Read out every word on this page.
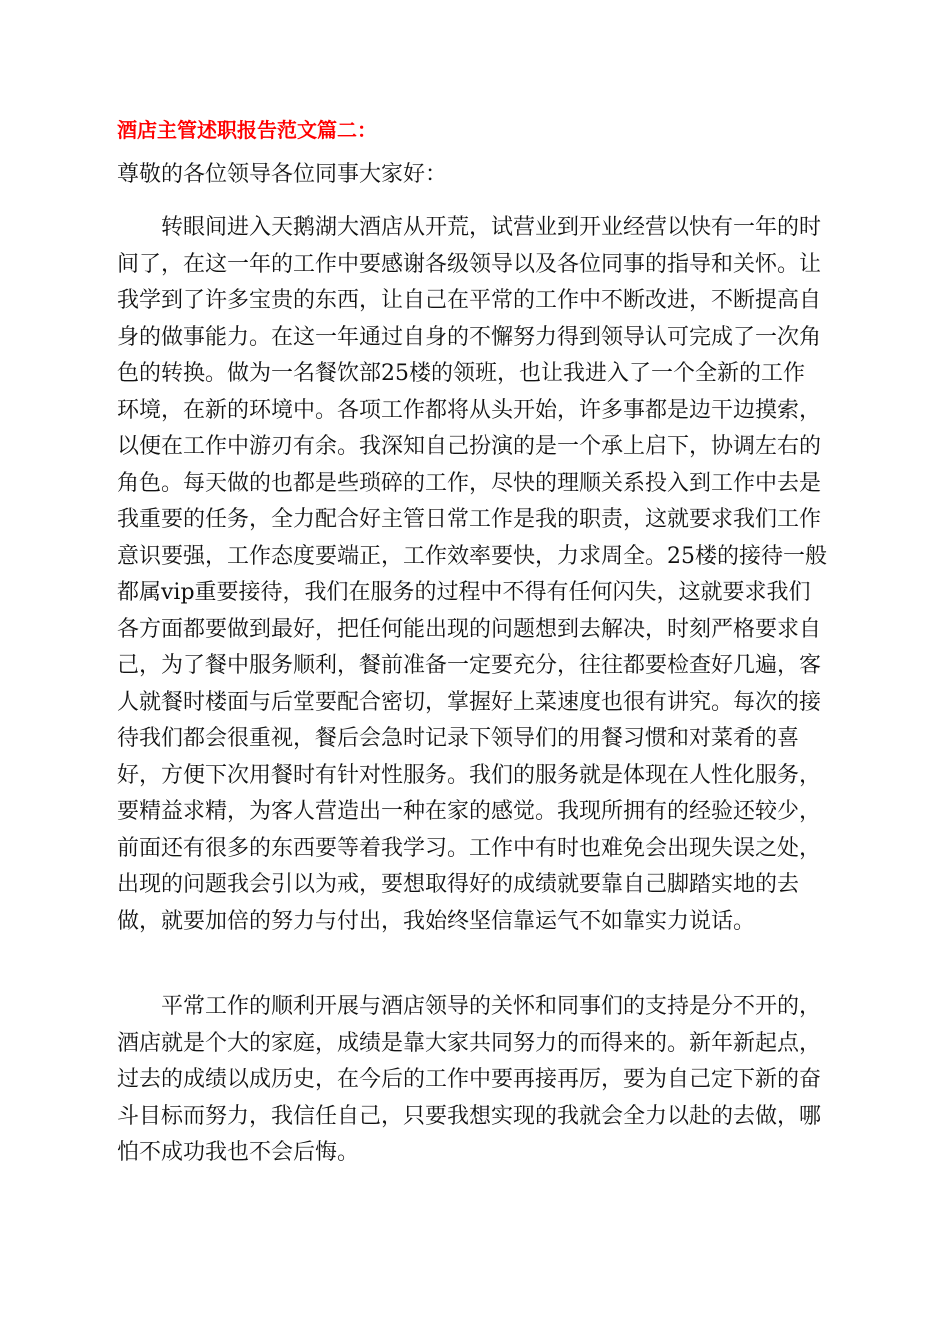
酒店主管述职报告范文篇二：
尊敬的各位领导各位同事大家好：
　　转眼间进入天鹅湖大酒店从开荒，试营业到开业经营以快有一年的时
间了，在这一年的工作中要感谢各级领导以及各位同事的指导和关怀。让
我学到了许多宝贵的东西，让自己在平常的工作中不断改进，不断提高自
身的做事能力。在这一年通过自身的不懈努力得到领导认可完成了一次角
色的转换。做为一名餐饮部25楼的领班，也让我进入了一个全新的工作
环境，在新的环境中。各项工作都将从头开始，许多事都是边干边摸索，
以便在工作中游刃有余。我深知自己扮演的是一个承上启下，协调左右的
角色。每天做的也都是些琐碎的工作，尽快的理顺关系投入到工作中去是
我重要的任务，全力配合好主管日常工作是我的职责，这就要求我们工作
意识要强，工作态度要端正，工作效率要快，力求周全。25楼的接待一般
都属vip重要接待，我们在服务的过程中不得有任何闪失，这就要求我们
各方面都要做到最好，把任何能出现的问题想到去解决，时刻严格要求自
己，为了餐中服务顺利，餐前准备一定要充分，往往都要检查好几遍，客
人就餐时楼面与后堂要配合密切，掌握好上菜速度也很有讲究。每次的接
待我们都会很重视，餐后会急时记录下领导们的用餐习惯和对菜肴的喜
好，方便下次用餐时有针对性服务。我们的服务就是体现在人性化服务，
要精益求精，为客人营造出一种在家的感觉。我现所拥有的经验还较少，
前面还有很多的东西要等着我学习。工作中有时也难免会出现失误之处，
出现的问题我会引以为戒，要想取得好的成绩就要靠自己脚踏实地的去
做，就要加倍的努力与付出，我始终坚信靠运气不如靠实力说话。
　　平常工作的顺利开展与酒店领导的关怀和同事们的支持是分不开的，
酒店就是个大的家庭，成绩是靠大家共同努力的而得来的。新年新起点，
过去的成绩以成历史，在今后的工作中要再接再厉，要为自己定下新的奋
斗目标而努力，我信任自己，只要我想实现的我就会全力以赴的去做，哪
怕不成功我也不会后悔。
